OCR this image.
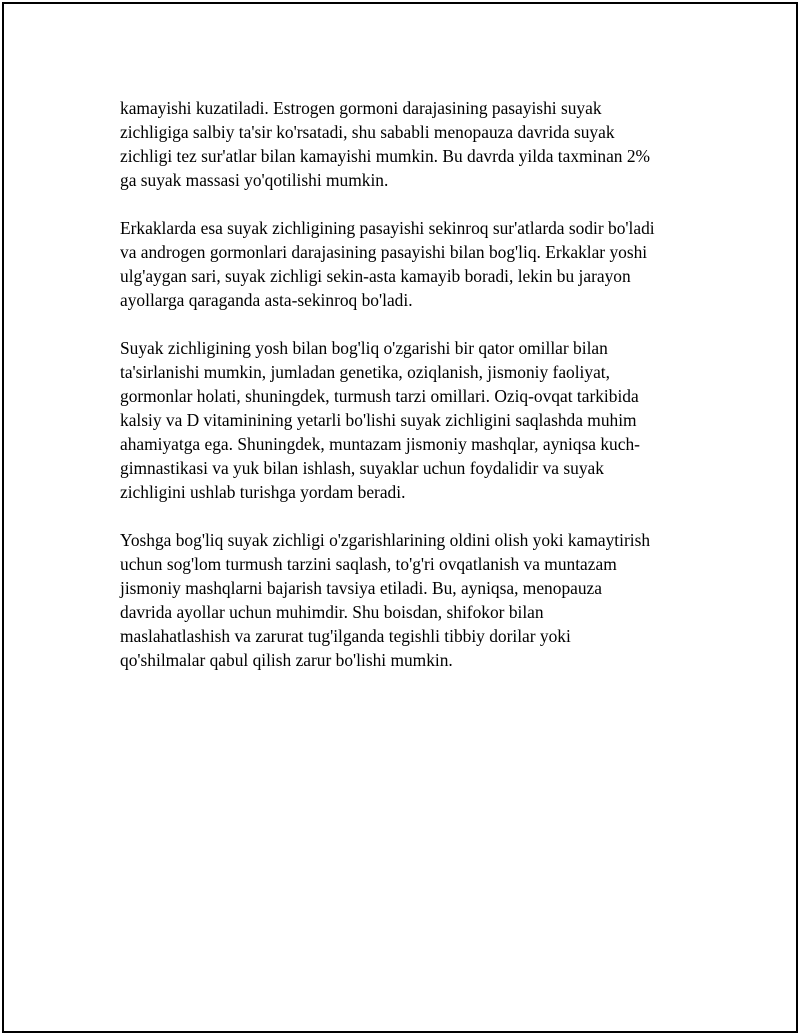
kamayishi kuzatiladi. Estrogen gormoni darajasining pasayishi suyak
zichligiga salbiy ta'sir ko'rsatadi, shu sababli menopauza davrida suyak
zichligi tez sur'atlar bilan kamayishi mumkin. Bu davrda yilda taxminan 2%
ga suyak massasi yo'qotilishi mumkin.

Erkaklarda esa suyak zichligining pasayishi sekinroq sur'atlarda sodir bo'ladi
va androgen gormonlari darajasining pasayishi bilan bog'liq. Erkaklar yoshi
ulg'aygan sari, suyak zichligi sekin-asta kamayib boradi, lekin bu jarayon
ayollarga qaraganda asta-sekinroq bo'ladi.

Suyak zichligining yosh bilan bog'liq o'zgarishi bir qator omillar bilan
ta'sirlanishi mumkin, jumladan genetika, oziqlanish, jismoniy faoliyat,
gormonlar holati, shuningdek, turmush tarzi omillari. Oziq-ovqat tarkibida
kalsiy va D vitaminining yetarli bo'lishi suyak zichligini saqlashda muhim
ahamiyatga ega. Shuningdek, muntazam jismoniy mashqlar, ayniqsa kuch-
gimnastikasi va yuk bilan ishlash, suyaklar uchun foydalidir va suyak
zichligini ushlab turishga yordam beradi.

Yoshga bog'liq suyak zichligi o'zgarishlarining oldini olish yoki kamaytirish
uchun sog'lom turmush tarzini saqlash, to'g'ri ovqatlanish va muntazam
jismoniy mashqlarni bajarish tavsiya etiladi. Bu, ayniqsa, menopauza
davrida ayollar uchun muhimdir. Shu boisdan, shifokor bilan
maslahatlashish va zarurat tug'ilganda tegishli tibbiy dorilar yoki
qo'shilmalar qabul qilish zarur bo'lishi mumkin.
